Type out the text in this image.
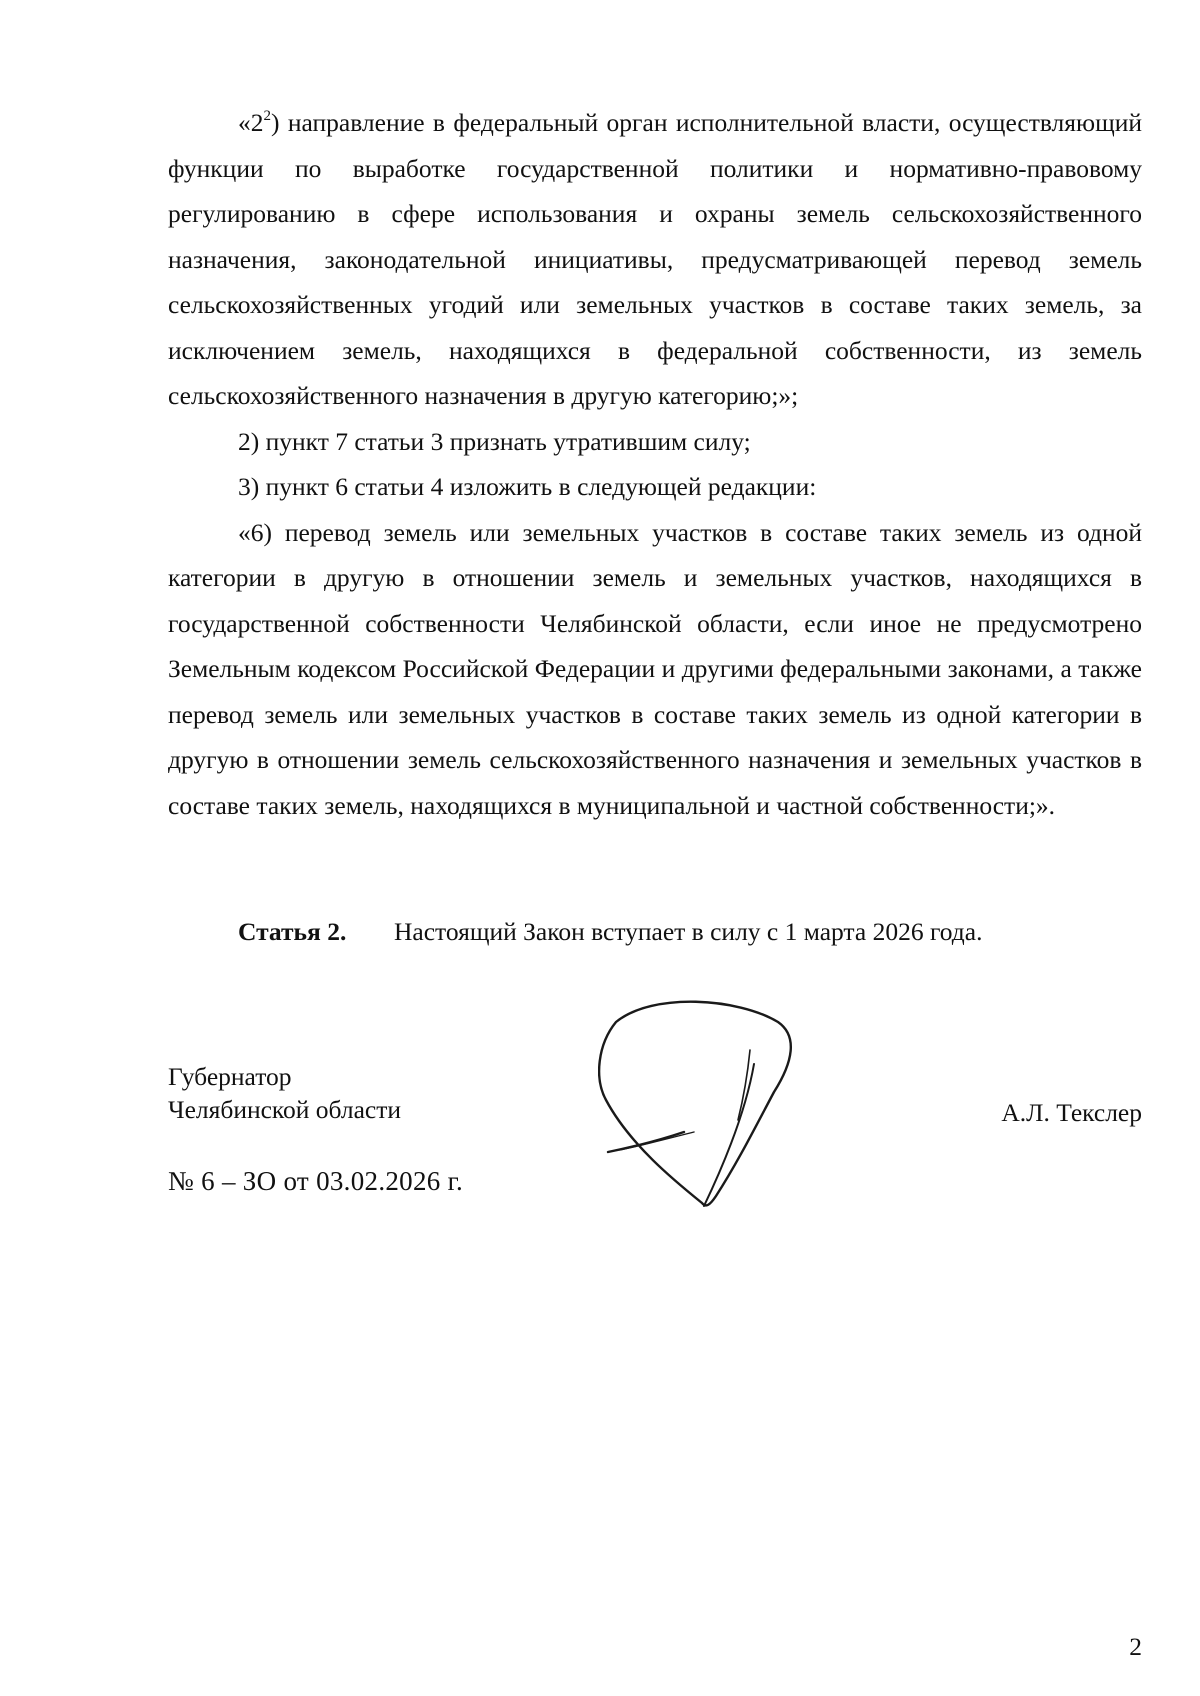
«$2^2$) направление в федеральный орган исполнительной власти, осуществляющий функции по выработке государственной политики и нормативно-правовому регулированию в сфере использования и охраны земель сельскохозяйственного назначения, законодательной инициативы, предусматривающей перевод земель сельскохозяйственных угодий или земельных участков в составе таких земель, за исключением земель, находящихся в федеральной собственности, из земель сельскохозяйственного назначения в другую категорию;»;

2) пункт 7 статьи 3 признать утратившим силу;

3) пункт 6 статьи 4 изложить в следующей редакции:

«6) перевод земель или земельных участков в составе таких земель из одной категории в другую в отношении земель и земельных участков, находящихся в государственной собственности Челябинской области, если иное не предусмотрено Земельным кодексом Российской Федерации и другими федеральными законами, а также перевод земель или земельных участков в составе таких земель из одной категории в другую в отношении земель сельскохозяйственного назначения и земельных участков в составе таких земель, находящихся в муниципальной и частной собственности;».

Статья 2. Настоящий Закон вступает в силу с 1 марта 2026 года.
Губернатор
Челябинской области	А.Л. Текслер
№ 6 – ЗО от 03.02.2026 г.
2
